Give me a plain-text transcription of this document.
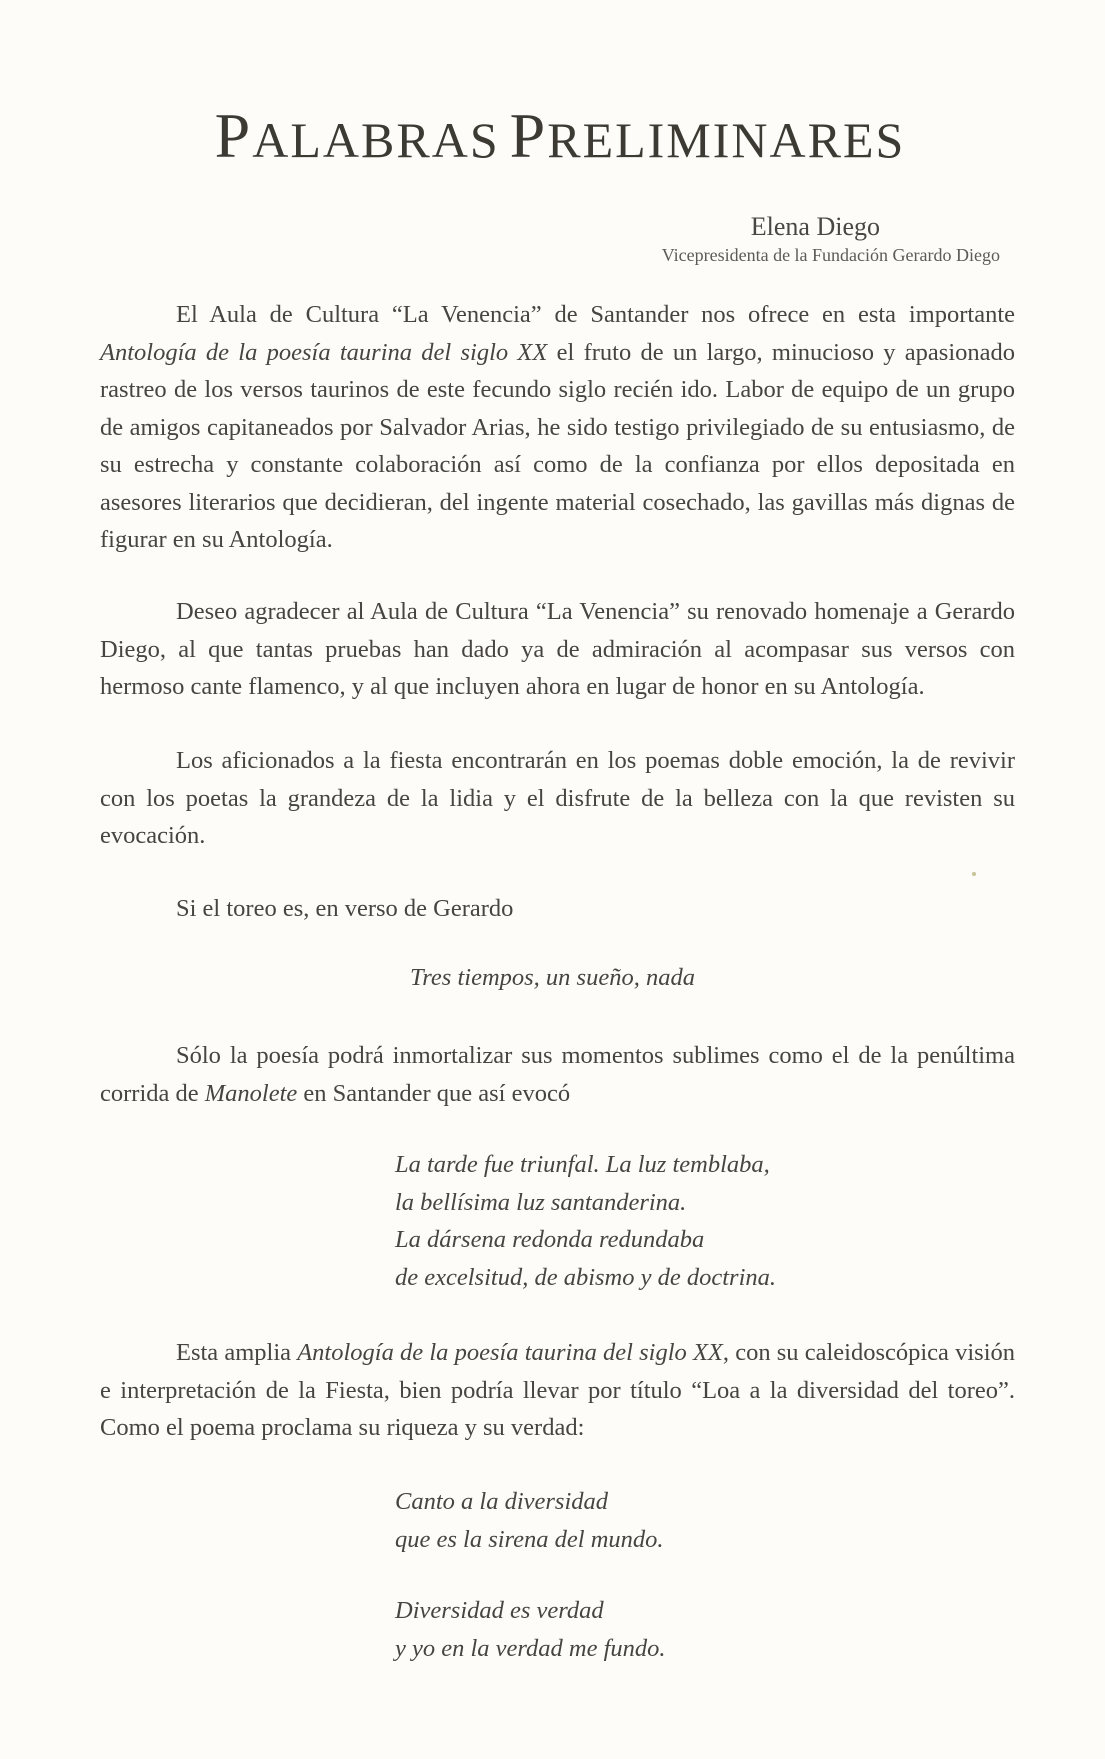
PALABRAS PRELIMINARES
Elena Diego
Vicepresidenta de la Fundación Gerardo Diego

El Aula de Cultura “La Venencia” de Santander nos ofrece en esta importante Antología de la poesía taurina del siglo XX el fruto de un largo, minucioso y apasionado rastreo de los versos taurinos de este fecundo siglo recién ido. Labor de equipo de un grupo de amigos capitaneados por Salvador Arias, he sido testigo privilegiado de su entusiasmo, de su estrecha y constante colaboración así como de la confianza por ellos depositada en asesores literarios que decidieran, del ingente material cosechado, las gavillas más dignas de figurar en su Antología.

Deseo agradecer al Aula de Cultura “La Venencia” su renovado homenaje a Gerardo Diego, al que tantas pruebas han dado ya de admiración al acompasar sus versos con hermoso cante flamenco, y al que incluyen ahora en lugar de honor en su Antología.

Los aficionados a la fiesta encontrarán en los poemas doble emoción, la de revivir con los poetas la grandeza de la lidia y el disfrute de la belleza con la que revisten su evocación.

Si el toreo es, en verso de Gerardo

Tres tiempos, un sueño, nada

Sólo la poesía podrá inmortalizar sus momentos sublimes como el de la penúltima corrida de Manolete en Santander que así evocó

La tarde fue triunfal. La luz temblaba,
la bellísima luz santanderina.
La dársena redonda redundaba
de excelsitud, de abismo y de doctrina.

Esta amplia Antología de la poesía taurina del siglo XX, con su caleidoscópica visión e interpretación de la Fiesta, bien podría llevar por título “Loa a la diversidad del toreo”. Como el poema proclama su riqueza y su verdad:

Canto a la diversidad
que es la sirena del mundo.
Diversidad es verdad
y yo en la verdad me fundo.
